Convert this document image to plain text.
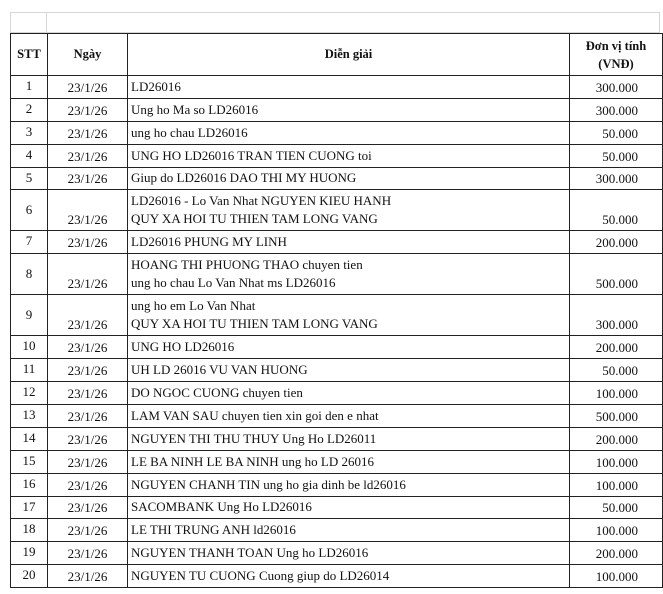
STT	Ngày	Diễn giải	Đơn vị tính
(VNĐ)
1	23/1/26	LD26016	300.000
2	23/1/26	Ung ho Ma so LD26016	300.000
3	23/1/26	ung ho chau LD26016	50.000
4	23/1/26	UNG HO LD26016 TRAN TIEN CUONG toi	50.000
5	23/1/26	Giup do LD26016 DAO THI MY HUONG	300.000
6	23/1/26	LD26016 - Lo Van Nhat NGUYEN KIEU HANH
QUY XA HOI TU THIEN TAM LONG VANG	50.000
7	23/1/26	LD26016 PHUNG MY LINH	200.000
8	23/1/26	HOANG THI PHUONG THAO chuyen tien
ung ho chau Lo Van Nhat ms LD26016	500.000
9	23/1/26	ung ho em Lo Van Nhat
QUY XA HOI TU THIEN TAM LONG VANG	300.000
10	23/1/26	UNG HO LD26016	200.000
11	23/1/26	UH LD 26016 VU VAN HUONG	50.000
12	23/1/26	DO NGOC CUONG chuyen tien	100.000
13	23/1/26	LAM VAN SAU chuyen tien xin goi den e nhat	500.000
14	23/1/26	NGUYEN THI THU THUY Ung Ho LD26011	200.000
15	23/1/26	LE BA NINH LE BA NINH ung ho LD 26016	100.000
16	23/1/26	NGUYEN CHANH TIN ung ho gia dinh be ld26016	100.000
17	23/1/26	SACOMBANK Ung Ho LD26016	50.000
18	23/1/26	LE THI TRUNG ANH ld26016	100.000
19	23/1/26	NGUYEN THANH TOAN Ung ho LD26016	200.000
20	23/1/26	NGUYEN TU CUONG Cuong giup do LD26014	100.000
